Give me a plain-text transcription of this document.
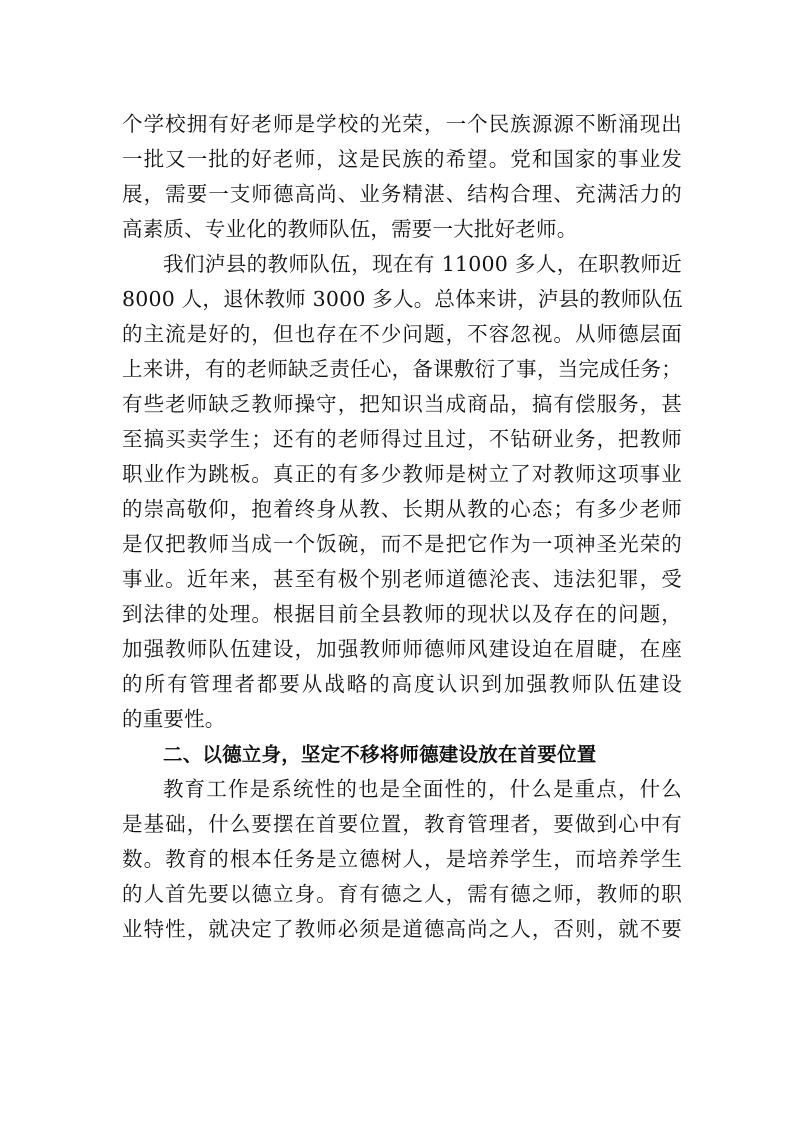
个学校拥有好老师是学校的光荣，一个民族源源不断涌现出
一批又一批的好老师，这是民族的希望。党和国家的事业发
展，需要一支师德高尚、业务精湛、结构合理、充满活力的
高素质、专业化的教师队伍，需要一大批好老师。
我们泸县的教师队伍，现在有 11000 多人，在职教师近
8000 人，退休教师 3000 多人。总体来讲，泸县的教师队伍
的主流是好的，但也存在不少问题，不容忽视。从师德层面
上来讲，有的老师缺乏责任心，备课敷衍了事，当完成任务；
有些老师缺乏教师操守，把知识当成商品，搞有偿服务，甚
至搞买卖学生；还有的老师得过且过，不钻研业务，把教师
职业作为跳板。真正的有多少教师是树立了对教师这项事业
的崇高敬仰，抱着终身从教、长期从教的心态；有多少老师
是仅把教师当成一个饭碗，而不是把它作为一项神圣光荣的
事业。近年来，甚至有极个别老师道德沦丧、违法犯罪，受
到法律的处理。根据目前全县教师的现状以及存在的问题，
加强教师队伍建设，加强教师师德师风建设迫在眉睫，在座
的所有管理者都要从战略的高度认识到加强教师队伍建设
的重要性。
二、以德立身，坚定不移将师德建设放在首要位置
教育工作是系统性的也是全面性的，什么是重点，什么
是基础，什么要摆在首要位置，教育管理者，要做到心中有
数。教育的根本任务是立德树人，是培养学生，而培养学生
的人首先要以德立身。育有德之人，需有德之师，教师的职
业特性，就决定了教师必须是道德高尚之人，否则，就不要
